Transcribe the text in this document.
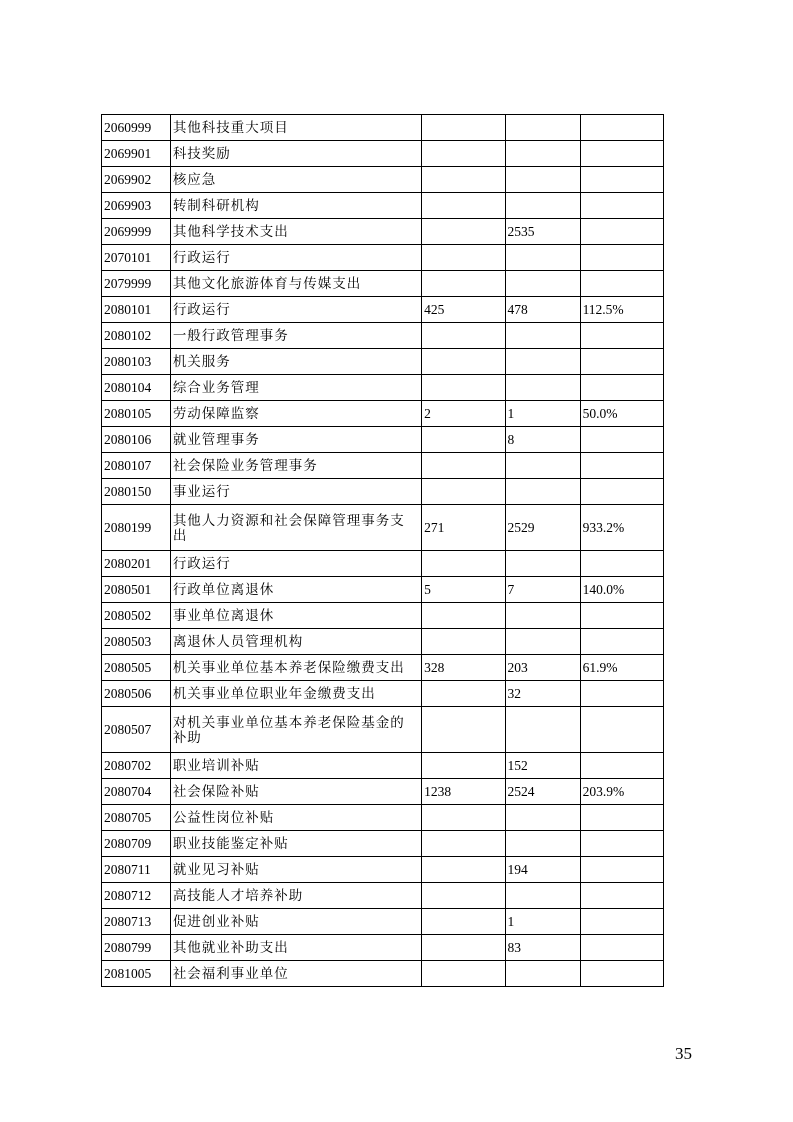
2060999	其他科技重大项目			
2069901	科技奖励			
2069902	核应急			
2069903	转制科研机构			
2069999	其他科学技术支出		2535	
2070101	行政运行			
2079999	其他文化旅游体育与传媒支出			
2080101	行政运行	425	478	112.5%
2080102	一般行政管理事务			
2080103	机关服务			
2080104	综合业务管理			
2080105	劳动保障监察	2	1	50.0%
2080106	就业管理事务		8	
2080107	社会保险业务管理事务			
2080150	事业运行			
2080199	其他人力资源和社会保障管理事务支出	271	2529	933.2%
2080201	行政运行			
2080501	行政单位离退休	5	7	140.0%
2080502	事业单位离退休			
2080503	离退休人员管理机构			
2080505	机关事业单位基本养老保险缴费支出	328	203	61.9%
2080506	机关事业单位职业年金缴费支出		32	
2080507	对机关事业单位基本养老保险基金的补助			
2080702	职业培训补贴		152	
2080704	社会保险补贴	1238	2524	203.9%
2080705	公益性岗位补贴			
2080709	职业技能鉴定补贴			
2080711	就业见习补贴		194	
2080712	高技能人才培养补助			
2080713	促进创业补贴		1	
2080799	其他就业补助支出		83	
2081005	社会福利事业单位			
35
